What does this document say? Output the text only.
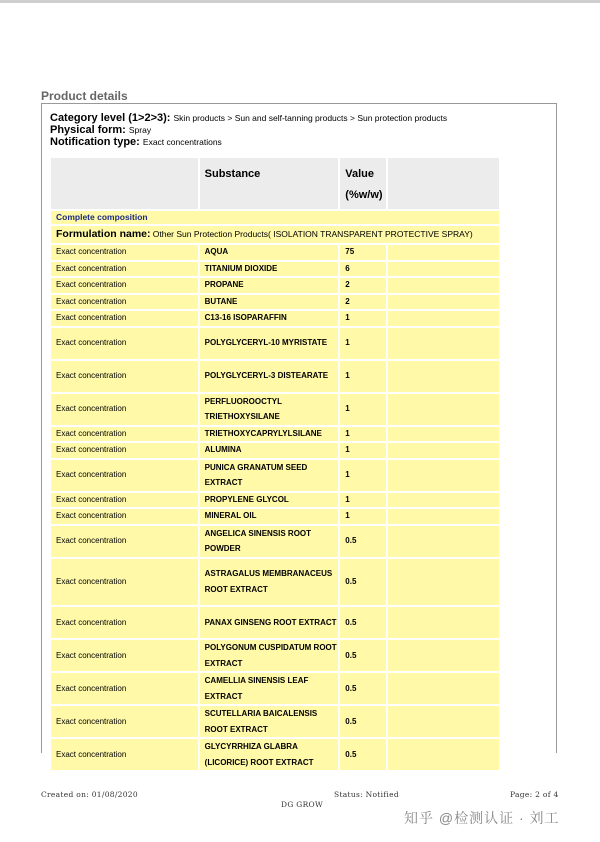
Product details
Category level (1>2>3): Skin products > Sun and self-tanning products > Sun protection products
Physical form: Spray
Notification type: Exact concentrations
	Substance	Value
(%w/w)	
Complete composition			
Formulation name: Other Sun Protection Products( ISOLATION TRANSPARENT PROTECTIVE SPRAY)			
Exact concentration	AQUA	75	
Exact concentration	TITANIUM DIOXIDE	6	
Exact concentration	PROPANE	2	
Exact concentration	BUTANE	2	
Exact concentration	C13-16 ISOPARAFFIN	1	
Exact concentration	POLYGLYCERYL-10 MYRISTATE	1	
Exact concentration	POLYGLYCERYL-3 DISTEARATE	1	
Exact concentration	PERFLUOROOCTYL TRIETHOXYSILANE	1	
Exact concentration	TRIETHOXYCAPRYLYLSILANE	1	
Exact concentration	ALUMINA	1	
Exact concentration	PUNICA GRANATUM SEED EXTRACT	1	
Exact concentration	PROPYLENE GLYCOL	1	
Exact concentration	MINERAL OIL	1	
Exact concentration	ANGELICA SINENSIS ROOT POWDER	0.5	
Exact concentration	ASTRAGALUS MEMBRANACEUS ROOT EXTRACT	0.5	
Exact concentration	PANAX GINSENG ROOT EXTRACT	0.5	
Exact concentration	POLYGONUM CUSPIDATUM ROOT EXTRACT	0.5	
Exact concentration	CAMELLIA SINENSIS LEAF EXTRACT	0.5	
Exact concentration	SCUTELLARIA BAICALENSIS ROOT EXTRACT	0.5	
Exact concentration	GLYCYRRHIZA GLABRA (LICORICE) ROOT EXTRACT	0.5	
Created on: 01/08/2020	Status: Notified	Page: 2 of 4
DG GROW
知乎 @检测认证 · 刘工
